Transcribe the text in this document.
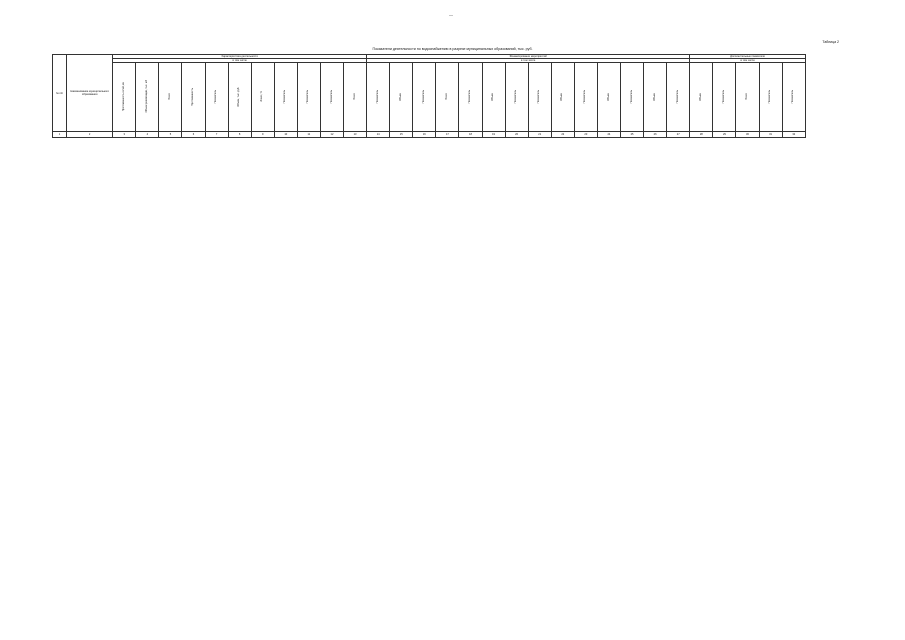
—
Таблица 2
Показатели деятельности по водоснабжению в разрезе муниципальных образований, тыс. руб.
№ п/п	Наименование муниципального образования	Характеристика деятельности											Финансирование мероприятий														Дополнительные показатели				
		в том числе											в том числе														в том числе				
		Протяженность сетей, км	Объем реализации, тыс. м3	Всего	Протяженность	Показатель	Объем, тыс. руб.	Износ, %	Показатель	Показатель	Показатель	Всего	Показатель	Объем	Показатель	Всего	Показатель	Объем	Показатель	Показатель	Объем	Показатель	Объем	Показатель	Объем	Показатель	Объем	Показатель	Всего	Показатель	Показатель
1	2	3	4	5	6	7	8	9	10	11	12	13	14	15	16	17	18	19	20	21	22	23	24	25	26	27	28	29	30	31	32
